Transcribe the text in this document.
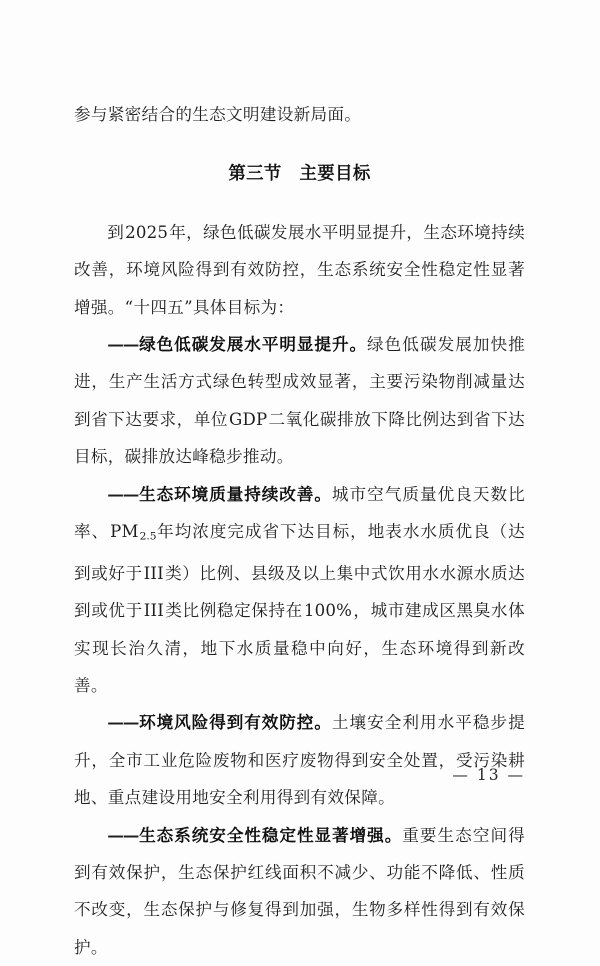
参与紧密结合的生态文明建设新局面。

第三节　主要目标

到2025年，绿色低碳发展水平明显提升，生态环境持续改善，环境风险得到有效防控，生态系统安全性稳定性显著增强。“十四五”具体目标为：

——绿色低碳发展水平明显提升。绿色低碳发展加快推进，生产生活方式绿色转型成效显著，主要污染物削减量达到省下达要求，单位GDP二氧化碳排放下降比例达到省下达目标，碳排放达峰稳步推动。

——生态环境质量持续改善。城市空气质量优良天数比率、$PM_{2.5}$年均浓度完成省下达目标，地表水水质优良（达到或好于III类）比例、县级及以上集中式饮用水水源水质达到或优于III类比例稳定保持在100%，城市建成区黑臭水体实现长治久清，地下水质量稳中向好，生态环境得到新改善。

——环境风险得到有效防控。土壤安全利用水平稳步提升，全市工业危险废物和医疗废物得到安全处置，受污染耕地、重点建设用地安全利用得到有效保障。

——生态系统安全性稳定性显著增强。重要生态空间得到有效保护，生态保护红线面积不减少、功能不降低、性质不改变，生态保护与修复得到加强，生物多样性得到有效保护。

— 13 —
